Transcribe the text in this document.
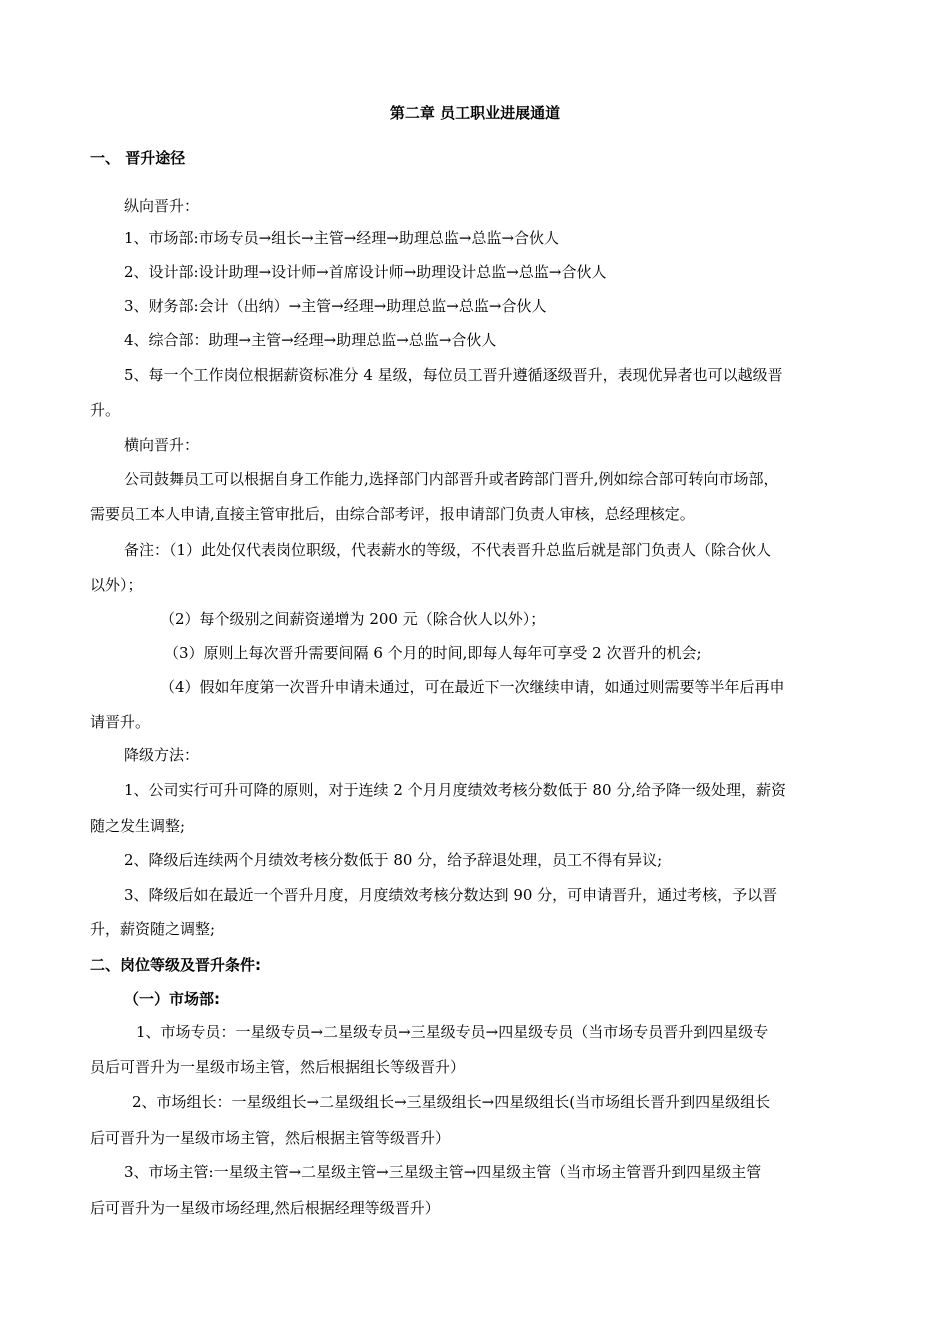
第二章 员工职业进展通道
一、 晋升途径
纵向晋升：
1、市场部:市场专员→组长→主管→经理→助理总监→总监→合伙人
2、设计部:设计助理→设计师→首席设计师→助理设计总监→总监→合伙人
3、财务部:会计（出纳）→主管→经理→助理总监→总监→合伙人
4、综合部：助理→主管→经理→助理总监→总监→合伙人
5、每一个工作岗位根据薪资标准分 4 星级，每位员工晋升遵循逐级晋升，表现优异者也可以越级晋
升。
横向晋升：
公司鼓舞员工可以根据自身工作能力,选择部门内部晋升或者跨部门晋升,例如综合部可转向市场部，
需要员工本人申请,直接主管审批后，由综合部考评，报申请部门负责人审核，总经理核定。
备注：（1）此处仅代表岗位职级，代表薪水的等级，不代表晋升总监后就是部门负责人（除合伙人
以外）；
（2）每个级别之间薪资递增为 200 元（除合伙人以外）；
（3）原则上每次晋升需要间隔 6 个月的时间,即每人每年可享受 2 次晋升的机会;
（4）假如年度第一次晋升申请未通过，可在最近下一次继续申请，如通过则需要等半年后再申
请晋升。
降级方法：
1、公司实行可升可降的原则，对于连续 2 个月月度绩效考核分数低于 80 分,给予降一级处理，薪资
随之发生调整;
2、降级后连续两个月绩效考核分数低于 80 分，给予辞退处理，员工不得有异议;
3、降级后如在最近一个晋升月度，月度绩效考核分数达到 90 分，可申请晋升，通过考核，予以晋
升，薪资随之调整;
二、岗位等级及晋升条件:
（一）市场部:
1、市场专员：一星级专员→二星级专员→三星级专员→四星级专员（当市场专员晋升到四星级专
员后可晋升为一星级市场主管，然后根据组长等级晋升）
2、市场组长：一星级组长→二星级组长→三星级组长→四星级组长(当市场组长晋升到四星级组长
后可晋升为一星级市场主管，然后根据主管等级晋升）
3、市场主管:一星级主管→二星级主管→三星级主管→四星级主管（当市场主管晋升到四星级主管
后可晋升为一星级市场经理,然后根据经理等级晋升）
